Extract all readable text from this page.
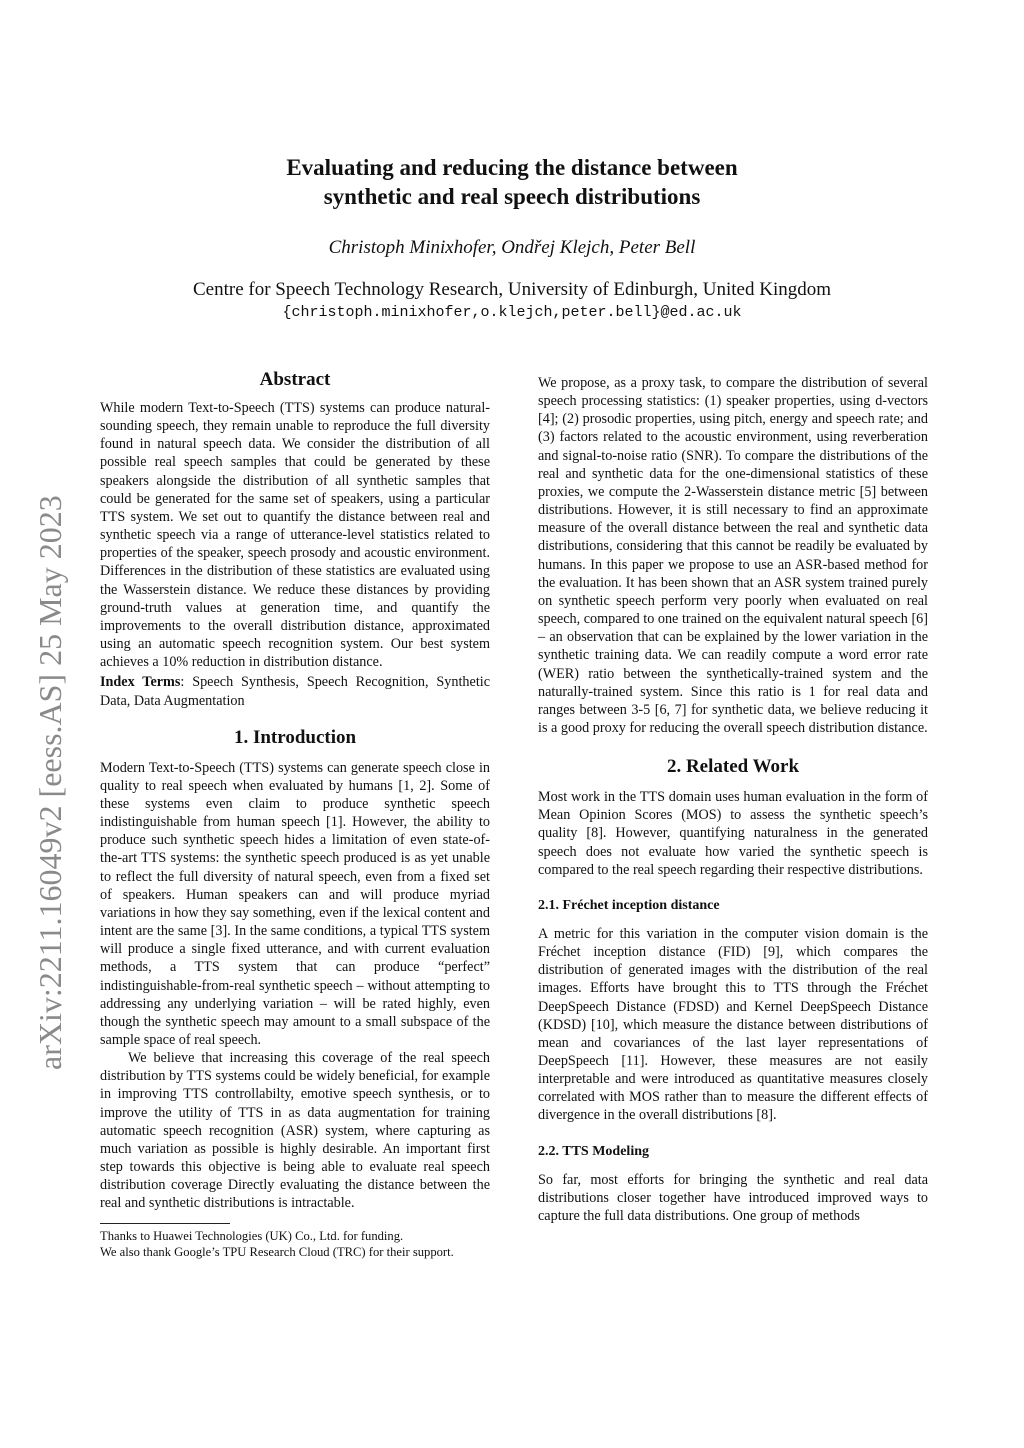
Evaluating and reducing the distance between
synthetic and real speech distributions
Christoph Minixhofer, Ondřej Klejch, Peter Bell
Centre for Speech Technology Research, University of Edinburgh, United Kingdom
{christoph.minixhofer,o.klejch,peter.bell}@ed.ac.uk
arXiv:2211.16049v2 [eess.AS] 25 May 2023
Abstract

While modern Text-to-Speech (TTS) systems can produce natural-sounding speech, they remain unable to reproduce the full diversity found in natural speech data. We consider the distribution of all possible real speech samples that could be generated by these speakers alongside the distribution of all synthetic samples that could be generated for the same set of speakers, using a particular TTS system. We set out to quantify the distance between real and synthetic speech via a range of utterance-level statistics related to properties of the speaker, speech prosody and acoustic environment. Differences in the distribution of these statistics are evaluated using the Wasserstein distance. We reduce these distances by providing ground-truth values at generation time, and quantify the improvements to the overall distribution distance, approximated using an automatic speech recognition system. Our best system achieves a 10% reduction in distribution distance.

Index Terms: Speech Synthesis, Speech Recognition, Synthetic Data, Data Augmentation

1. Introduction

Modern Text-to-Speech (TTS) systems can generate speech close in quality to real speech when evaluated by humans [1, 2]. Some of these systems even claim to produce synthetic speech indistinguishable from human speech [1]. However, the ability to produce such synthetic speech hides a limitation of even state-of-the-art TTS systems: the synthetic speech produced is as yet unable to reflect the full diversity of natural speech, even from a fixed set of speakers. Human speakers can and will produce myriad variations in how they say something, even if the lexical content and intent are the same [3]. In the same conditions, a typical TTS system will produce a single fixed utterance, and with current evaluation methods, a TTS system that can produce “perfect” indistinguishable-from-real synthetic speech – without attempting to addressing any underlying variation – will be rated highly, even though the synthetic speech may amount to a small subspace of the sample space of real speech.

We believe that increasing this coverage of the real speech distribution by TTS systems could be widely beneficial, for example in improving TTS controllabilty, emotive speech synthesis, or to improve the utility of TTS in as data augmentation for training automatic speech recognition (ASR) system, where capturing as much variation as possible is highly desirable. An important first step towards this objective is being able to evaluate real speech distribution coverage Directly evaluating the distance between the real and synthetic distributions is intractable.

Thanks to Huawei Technologies (UK) Co., Ltd. for funding.
We also thank Google’s TPU Research Cloud (TRC) for their support.

We propose, as a proxy task, to compare the distribution of several speech processing statistics: (1) speaker properties, using d-vectors [4]; (2) prosodic properties, using pitch, energy and speech rate; and (3) factors related to the acoustic environment, using reverberation and signal-to-noise ratio (SNR). To compare the distributions of the real and synthetic data for the one-dimensional statistics of these proxies, we compute the 2-Wasserstein distance metric [5] between distributions. However, it is still necessary to find an approximate measure of the overall distance between the real and synthetic data distributions, considering that this cannot be readily be evaluated by humans. In this paper we propose to use an ASR-based method for the evaluation. It has been shown that an ASR system trained purely on synthetic speech perform very poorly when evaluated on real speech, compared to one trained on the equivalent natural speech [6] – an observation that can be explained by the lower variation in the synthetic training data. We can readily compute a word error rate (WER) ratio between the synthetically-trained system and the naturally-trained system. Since this ratio is 1 for real data and ranges between 3-5 [6, 7] for synthetic data, we believe reducing it is a good proxy for reducing the overall speech distribution distance.

2. Related Work

Most work in the TTS domain uses human evaluation in the form of Mean Opinion Scores (MOS) to assess the synthetic speech’s quality [8]. However, quantifying naturalness in the generated speech does not evaluate how varied the synthetic speech is compared to the real speech regarding their respective distributions.

2.1. Fréchet inception distance

A metric for this variation in the computer vision domain is the Fréchet inception distance (FID) [9], which compares the distribution of generated images with the distribution of the real images. Efforts have brought this to TTS through the Fréchet DeepSpeech Distance (FDSD) and Kernel DeepSpeech Distance (KDSD) [10], which measure the distance between distributions of mean and covariances of the last layer representations of DeepSpeech [11]. However, these measures are not easily interpretable and were introduced as quantitative measures closely correlated with MOS rather than to measure the different effects of divergence in the overall distributions [8].

2.2. TTS Modeling

So far, most efforts for bringing the synthetic and real data distributions closer together have introduced improved ways to capture the full data distributions. One group of methods
